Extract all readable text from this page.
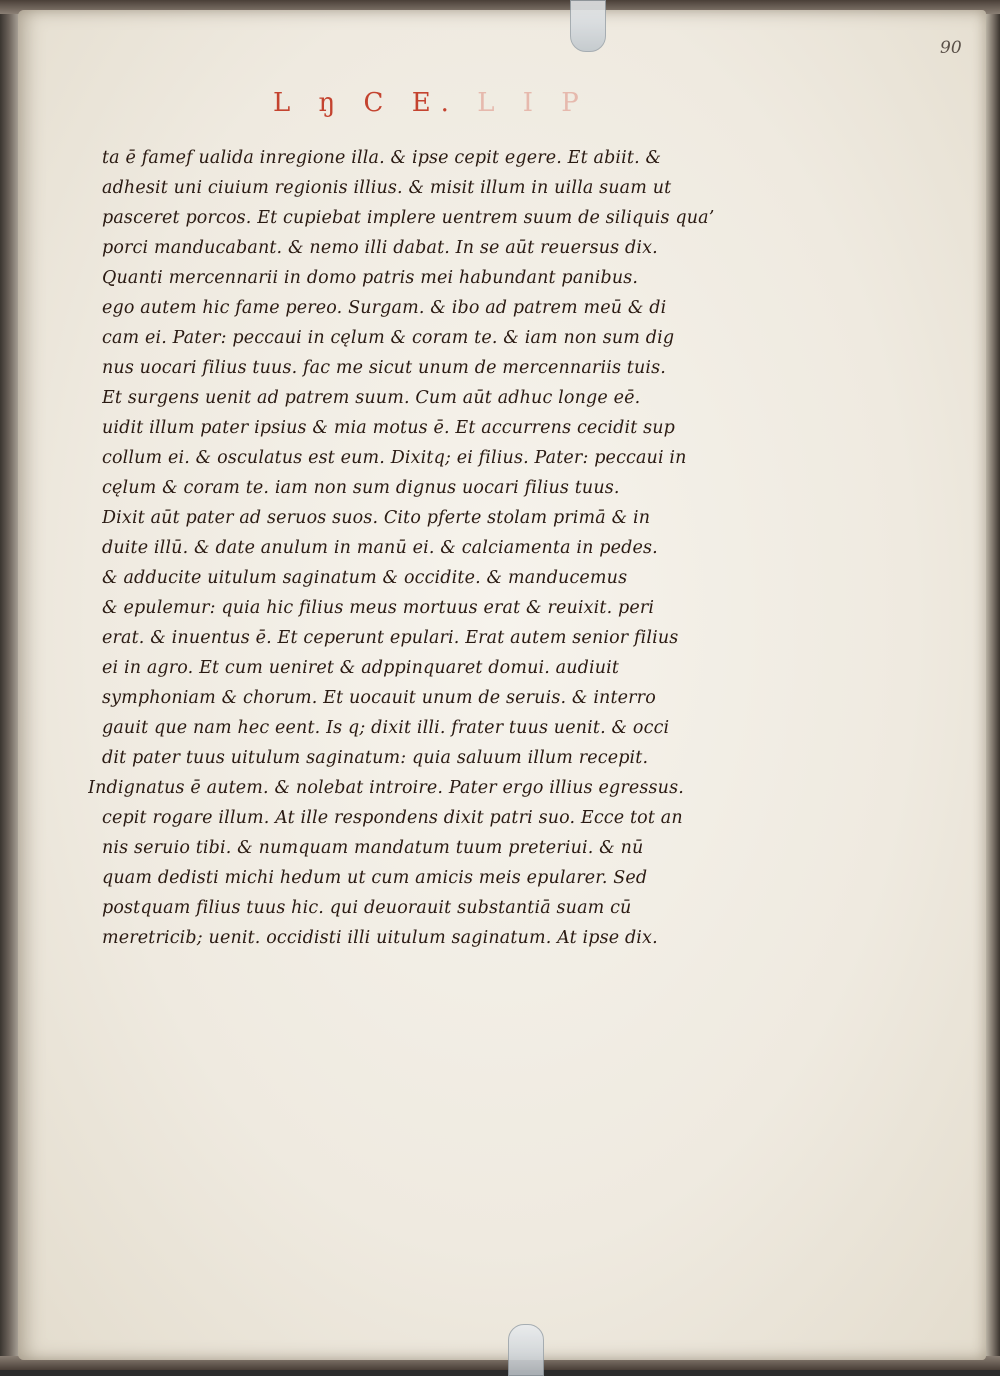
90
L ŋ C E. L I P
ta ē famef ualida inregione illa. & ipse cepit egere. Et abiit. &
adhesit uni ciuium regionis illius. & misit illum in uilla suam ut
pasceret porcos. Et cupiebat implere uentrem suum de siliquis qua’
porci manducabant. & nemo illi dabat. In se aūt reuersus dix.
Quanti mercennarii in domo patris mei habundant panibus.
ego autem hic fame pereo. Surgam. & ibo ad patrem meū & di
cam ei. Pater: peccaui in cęlum & coram te. & iam non sum dig
nus uocari filius tuus. fac me sicut unum de mercennariis tuis.
Et surgens uenit ad patrem suum. Cum aūt adhuc longe eē.
uidit illum pater ipsius & mia motus ē. Et accurrens cecidit sup
collum ei. & osculatus est eum. Dixitq; ei filius. Pater: peccaui in
cęlum & coram te. iam non sum dignus uocari filius tuus.
Dixit aūt pater ad seruos suos. Cito pferte stolam primā & in
duite illū. & date anulum in manū ei. & calciamenta in pedes.
& adducite uitulum saginatum & occidite. & manducemus
& epulemur: quia hic filius meus mortuus erat & reuixit. peri
erat. & inuentus ē. Et ceperunt epulari. Erat autem senior filius
ei in agro. Et cum ueniret & adppinquaret domui. audiuit
symphoniam & chorum. Et uocauit unum de seruis. & interro
gauit que nam hec eent. Is q; dixit illi. frater tuus uenit. & occi
dit pater tuus uitulum saginatum: quia saluum illum recepit.
Indignatus ē autem. & nolebat introire. Pater ergo illius egressus.
cepit rogare illum. At ille respondens dixit patri suo. Ecce tot an
nis seruio tibi. & numquam mandatum tuum preteriui. & nū
quam dedisti michi hedum ut cum amicis meis epularer. Sed
postquam filius tuus hic. qui deuorauit substantiā suam cū
meretricib; uenit. occidisti illi uitulum saginatum. At ipse dix.
